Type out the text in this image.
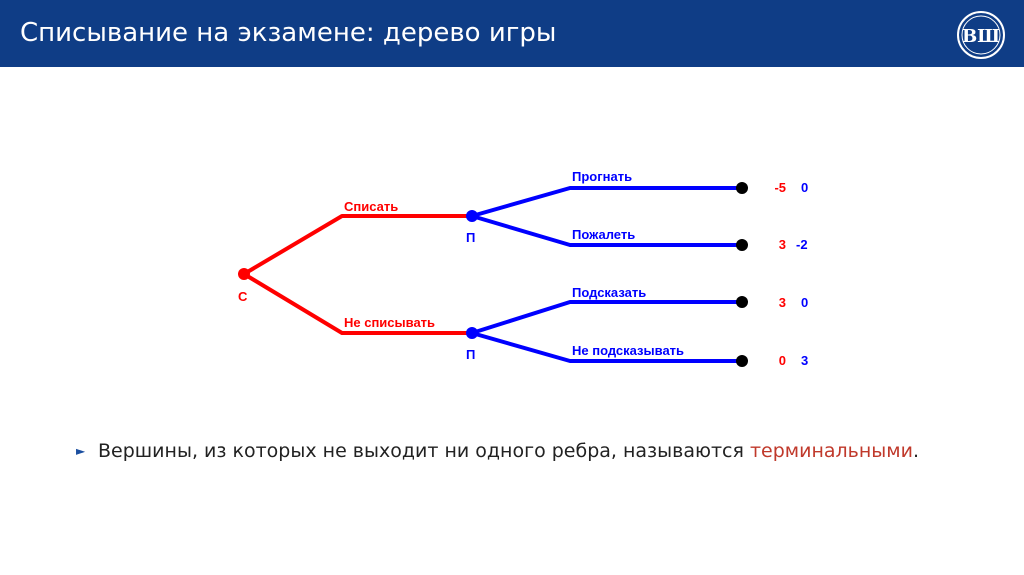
Списывание на экзамене: дерево игры	ВШ
С
П
П
Списать
Не списывать
Прогнать
Пожалеть
Подсказать
Не подсказывать
-5 0
3 -2
3 0
0 3
► Вершины, из которых не выходит ни одного ребра, называются терминальными.
